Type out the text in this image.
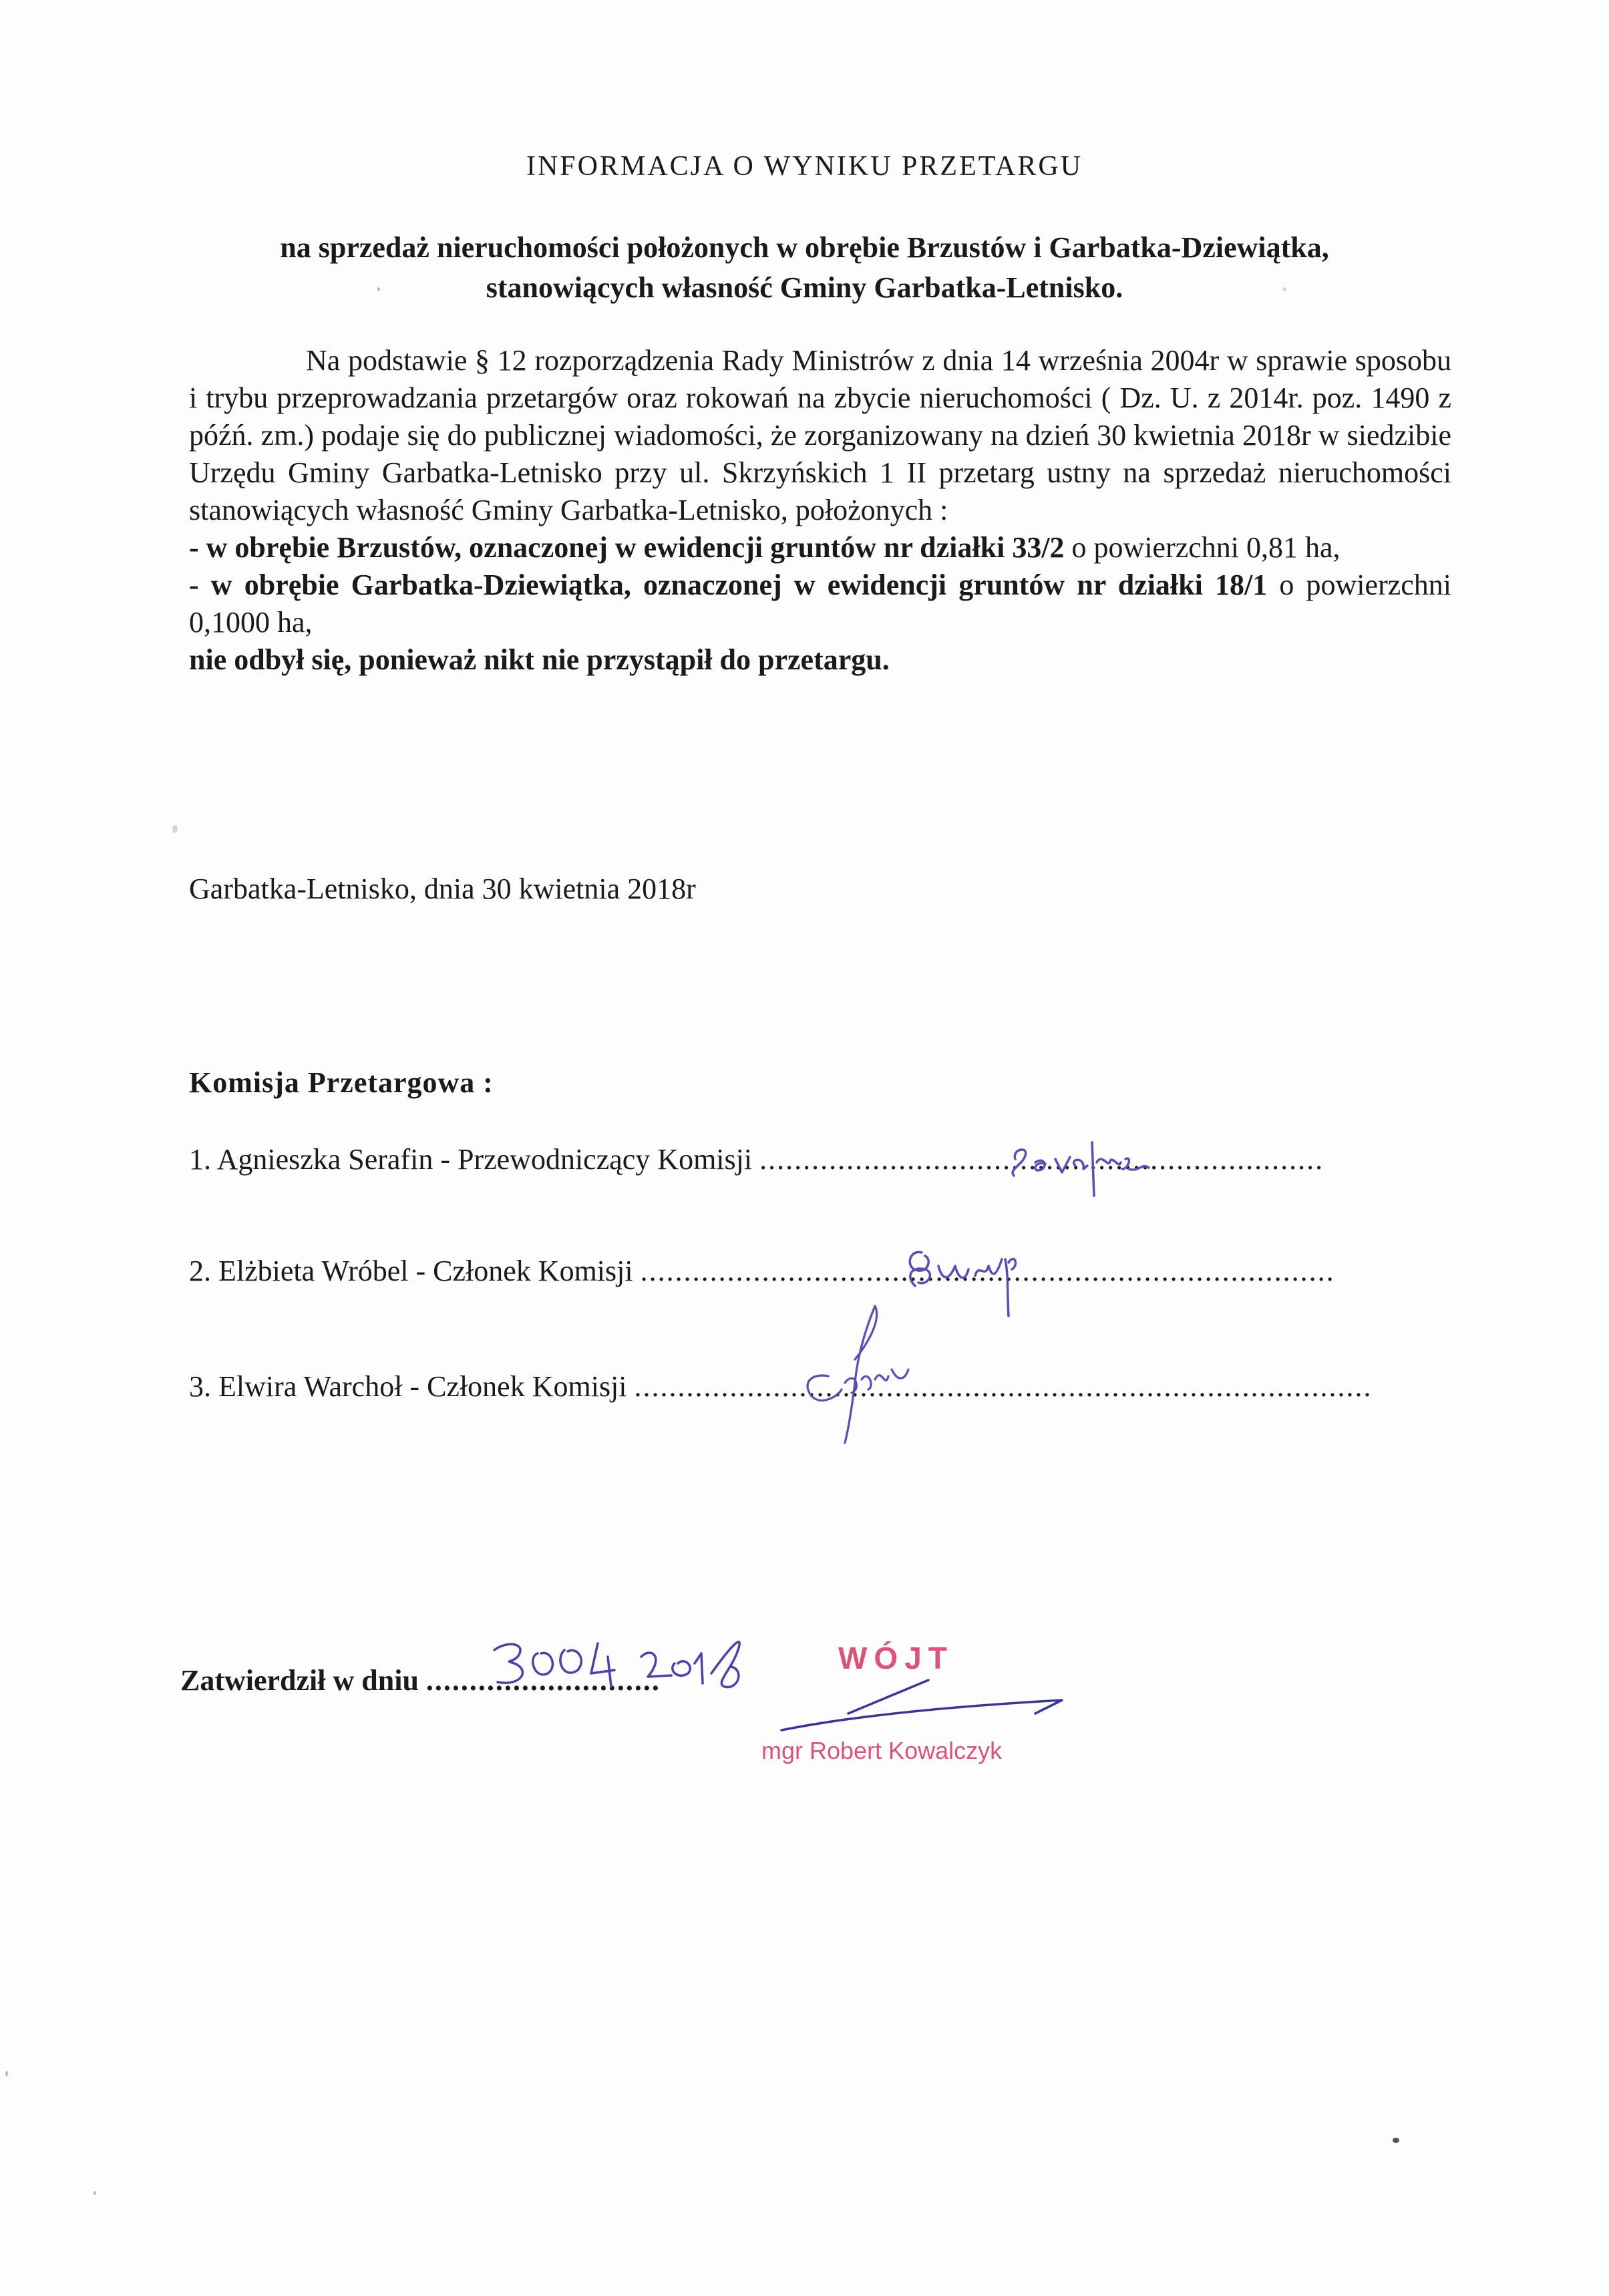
INFORMACJA O WYNIKU PRZETARGU
na sprzedaż nieruchomości położonych w obrębie Brzustów i Garbatka-Dziewiątka,
stanowiących własność Gminy Garbatka-Letnisko.

Na podstawie § 12 rozporządzenia Rady Ministrów z dnia 14 września 2004r w sprawie sposobu i trybu przeprowadzania przetargów oraz rokowań na zbycie nieruchomości ( Dz. U. z 2014r. poz. 1490 z późń. zm.) podaje się do publicznej wiadomości, że zorganizowany na dzień 30 kwietnia 2018r w siedzibie Urzędu Gminy Garbatka-Letnisko przy ul. Skrzyńskich 1 II przetarg ustny na sprzedaż nieruchomości stanowiących własność Gminy Garbatka-Letnisko, położonych :

- w obrębie Brzustów, oznaczonej w ewidencji gruntów nr działki 33/2 o powierzchni 0,81 ha,

- w obrębie Garbatka-Dziewiątka, oznaczonej w ewidencji gruntów nr działki 18/1 o powierzchni 0,1000 ha,

nie odbył się, ponieważ nikt nie przystąpił do przetargu.

Garbatka-Letnisko, dnia 30 kwietnia 2018r
Komisja Przetargowa :
1. Agnieszka Serafin - Przewodniczący Komisji .................................................................
2. Elżbieta Wróbel - Członek Komisji ................................................................................
3. Elwira Warchoł - Członek Komisji .....................................................................................
Zatwierdził w dniu ...........................
WÓJT
mgr Robert Kowalczyk
